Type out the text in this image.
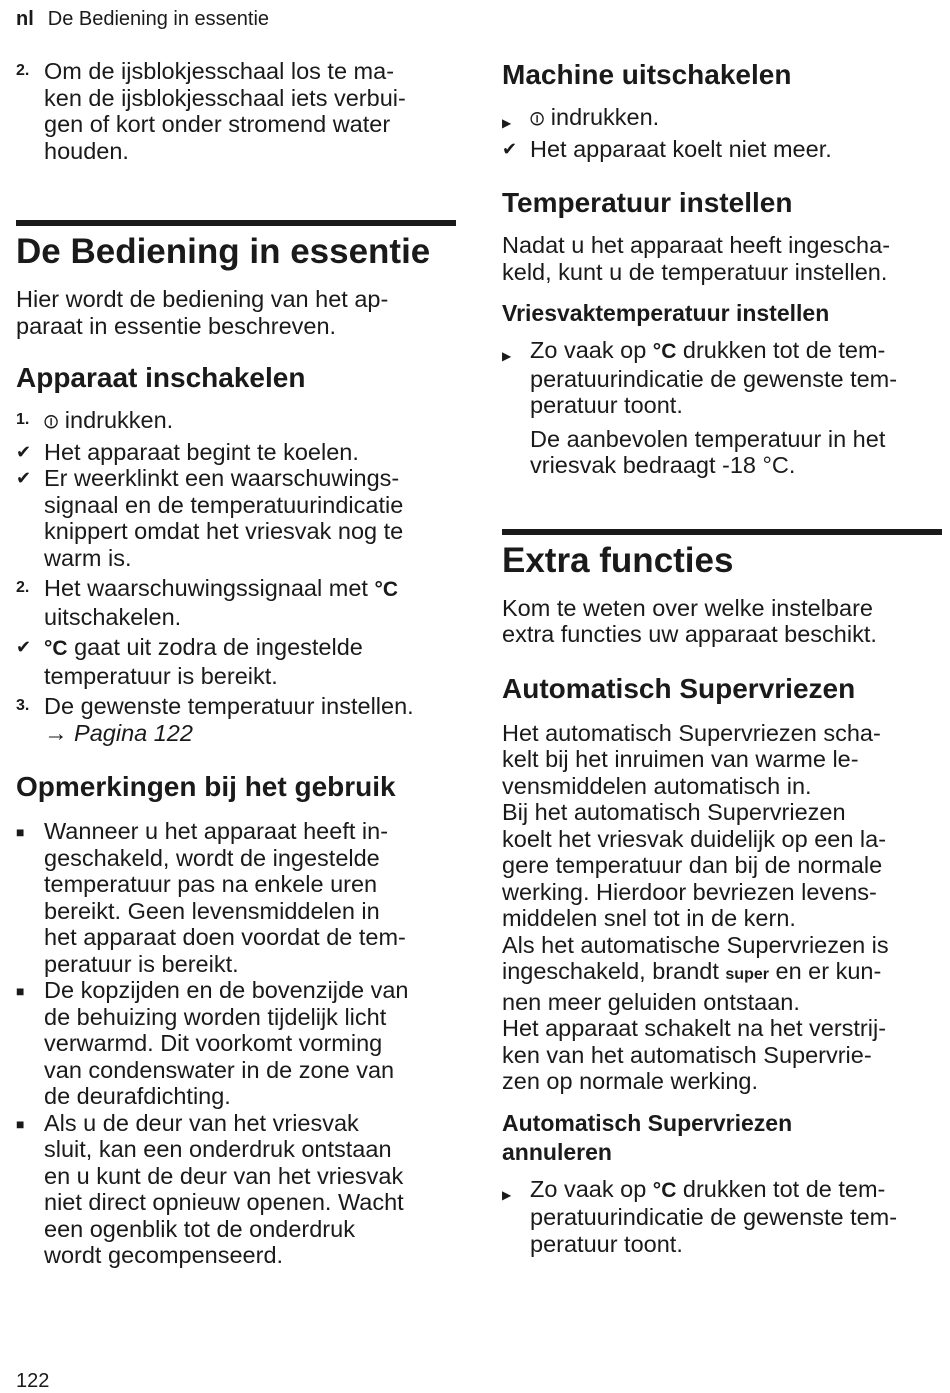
nl De Bediening in essentie
2. Om de ijsblokjesschaal los te ma-
ken de ijsblokjesschaal iets verbui-
gen of kort onder stromend water
houden.
De Bediening in essentie
Hier wordt de bediening van het ap-
paraat in essentie beschreven.
Apparaat inschakelen
1. ⏼ indrukken.
✔ Het apparaat begint te koelen.
✔ Er weerklinkt een waarschuwings-
signaal en de temperatuurindicatie
knippert omdat het vriesvak nog te
warm is.
2. Het waarschuwingssignaal met °C
uitschakelen.
✔ °C gaat uit zodra de ingestelde
temperatuur is bereikt.
3. De gewenste temperatuur instellen.
→ Pagina 122
Opmerkingen bij het gebruik
■ Wanneer u het apparaat heeft in-
geschakeld, wordt de ingestelde
temperatuur pas na enkele uren
bereikt. Geen levensmiddelen in
het apparaat doen voordat de tem-
peratuur is bereikt.
■ De kopzijden en de bovenzijde van
de behuizing worden tijdelijk licht
verwarmd. Dit voorkomt vorming
van condenswater in de zone van
de deurafdichting.
■ Als u de deur van het vriesvak
sluit, kan een onderdruk ontstaan
en u kunt de deur van het vriesvak
niet direct opnieuw openen. Wacht
een ogenblik tot de onderdruk
wordt gecompenseerd.
Machine uitschakelen
▶	⏼ indrukken.
✔ Het apparaat koelt niet meer.
Temperatuur instellen
Nadat u het apparaat heeft ingescha-
keld, kunt u de temperatuur instellen.
Vriesvaktemperatuur instellen
▶ Zo vaak op °C drukken tot de tem-
peratuurindicatie de gewenste tem-
peratuur toont.
De aanbevolen temperatuur in het
vriesvak bedraagt -18 °C.
Extra functies
Kom te weten over welke instelbare
extra functies uw apparaat beschikt.
Automatisch Supervriezen
Het automatisch Supervriezen scha-
kelt bij het inruimen van warme le-
vensmiddelen automatisch in.
Bij het automatisch Supervriezen
koelt het vriesvak duidelijk op een la-
gere temperatuur dan bij de normale
werking. Hierdoor bevriezen levens-
middelen snel tot in de kern.
Als het automatische Supervriezen is
ingeschakeld, brandt super en er kun-
nen meer geluiden ontstaan.
Het apparaat schakelt na het verstrij-
ken van het automatisch Supervrie-
zen op normale werking.
Automatisch Supervriezen
annuleren
▶ Zo vaak op °C drukken tot de tem-
peratuurindicatie de gewenste tem-
peratuur toont.
122
